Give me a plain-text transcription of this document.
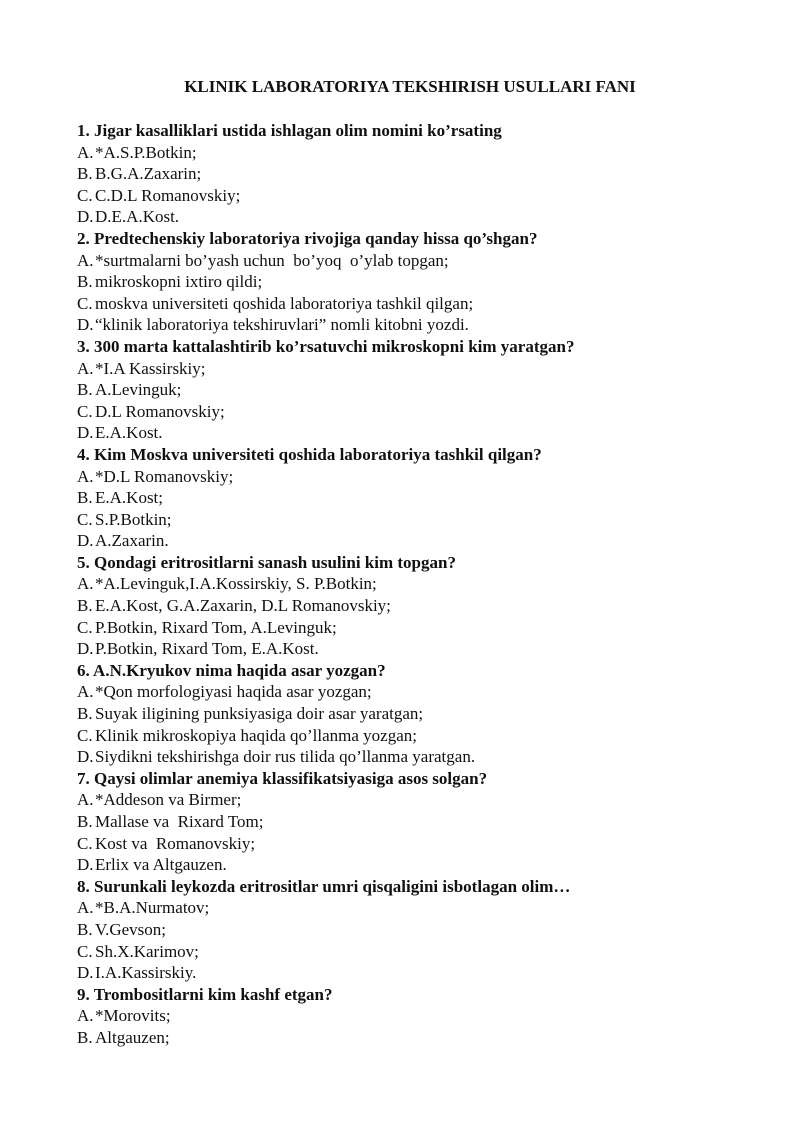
KLINIK LABORATORIYA TEKSHIRISH USULLARI FANI
1. Jigar kasalliklari ustida ishlagan olim nomini ko’rsating
A. *A.S.P.Botkin;
B. B.G.A.Zaxarin;
C. C.D.L Romanovskiy;
D. D.E.A.Kost.
2. Predtechenskiy laboratoriya rivojiga qanday hissa qo’shgan?
A. *surtmalarni bo’yash uchun  bo’yoq  o’ylab topgan;
B. mikroskopni ixtiro qildi;
C. moskva universiteti qoshida laboratoriya tashkil qilgan;
D. “klinik laboratoriya tekshiruvlari” nomli kitobni yozdi.
3. 300 marta kattalashtirib ko’rsatuvchi mikroskopni kim yaratgan?
A. *I.A Kassirskiy;
B. A.Levinguk;
C. D.L Romanovskiy;
D. E.A.Kost.
4. Kim Moskva universiteti qoshida laboratoriya tashkil qilgan?
A. *D.L Romanovskiy;
B. E.A.Kost;
C. S.P.Botkin;
D. A.Zaxarin.
5. Qondagi eritrositlarni sanash usulini kim topgan?
A. *A.Levinguk,I.A.Kossirskiy, S. P.Botkin;
B. E.A.Kost, G.A.Zaxarin, D.L Romanovskiy;
C. P.Botkin, Rixard Tom, A.Levinguk;
D. P.Botkin, Rixard Tom, E.A.Kost.
6. A.N.Kryukov nima haqida asar yozgan?
A. *Qon morfologiyasi haqida asar yozgan;
B. Suyak iligining punksiyasiga doir asar yaratgan;
C. Klinik mikroskopiya haqida qo’llanma yozgan;
D. Siydikni tekshirishga doir rus tilida qo’llanma yaratgan.
7. Qaysi olimlar anemiya klassifikatsiyasiga asos solgan?
A. *Addeson va Birmer;
B. Mallase va  Rixard Tom;
C. Kost va  Romanovskiy;
D. Erlix va Altgauzen.
8. Surunkali leykozda eritrositlar umri qisqaligini isbotlagan olim…
A. *B.A.Nurmatov;
B. V.Gevson;
C. Sh.X.Karimov;
D. I.A.Kassirskiy.
9. Trombositlarni kim kashf etgan?
A. *Morovits;
B. Altgauzen;
